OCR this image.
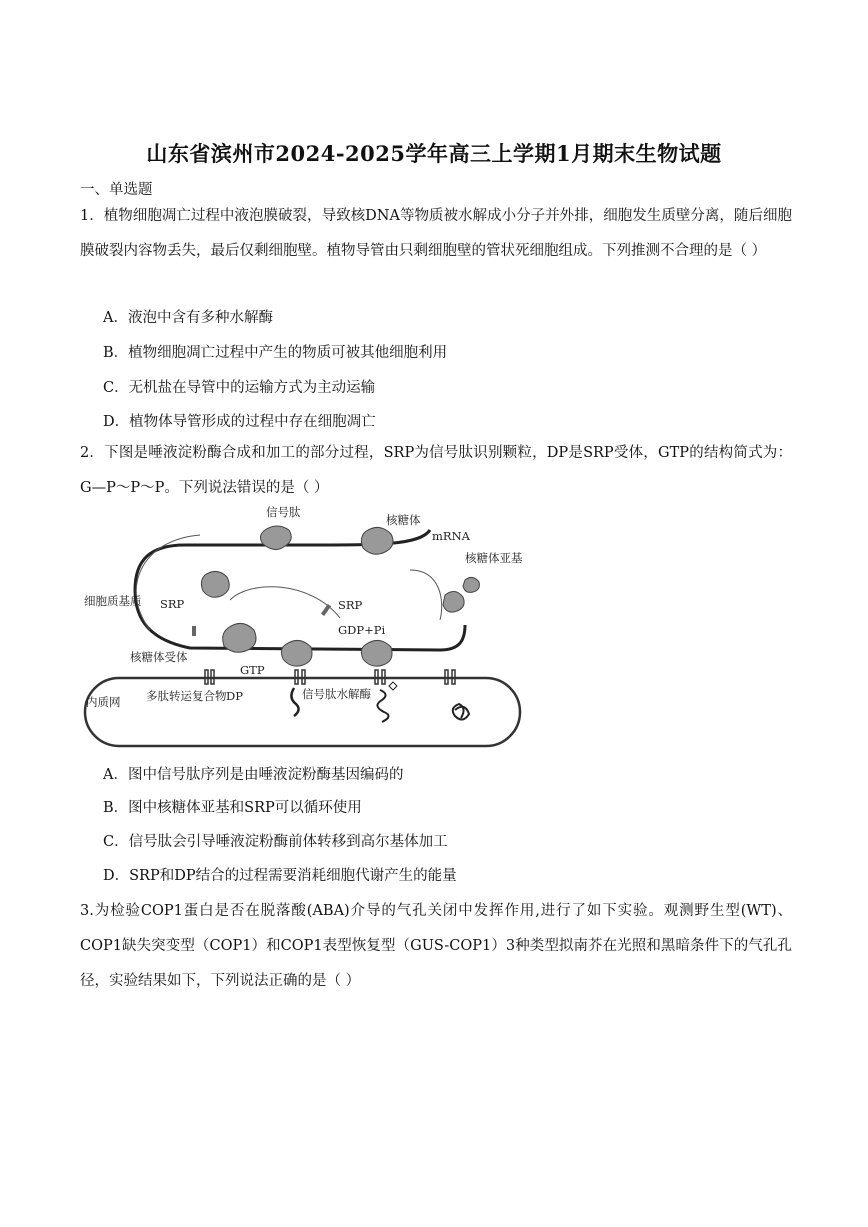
山东省滨州市2024-2025学年高三上学期1月期末生物试题
一、单选题
1．植物细胞凋亡过程中液泡膜破裂，导致核DNA等物质被水解成小分子并外排，细胞发生质壁分离，随后细胞膜破裂内容物丢失，最后仅剩细胞壁。植物导管由只剩细胞壁的管状死细胞组成。下列推测不合理的是（ ）
A．液泡中含有多种水解酶
B．植物细胞凋亡过程中产生的物质可被其他细胞利用
C．无机盐在导管中的运输方式为主动运输
D．植物体导管形成的过程中存在细胞凋亡
2．下图是唾液淀粉酶合成和加工的部分过程，SRP为信号肽识别颗粒，DP是SRP受体，GTP的结构简式为：G—P～P～P。下列说法错误的是（ ）
信号肽
核糖体
mRNA
核糖体亚基
细胞质基质 SRP	SRP
GDP+Pi
核糖体受体
GTP
多肽转运复合物 DP	信号肽水解酶
内质网
A．图中信号肽序列是由唾液淀粉酶基因编码的
B．图中核糖体亚基和SRP可以循环使用
C．信号肽会引导唾液淀粉酶前体转移到高尔基体加工
D．SRP和DP结合的过程需要消耗细胞代谢产生的能量
3.为检验COP1蛋白是否在脱落酸(ABA)介导的气孔关闭中发挥作用,进行了如下实验。观测野生型(WT)、COP1缺失突变型（COP1）和COP1表型恢复型（GUS-COP1）3种类型拟南芥在光照和黑暗条件下的气孔孔径，实验结果如下，下列说法正确的是（ ）
